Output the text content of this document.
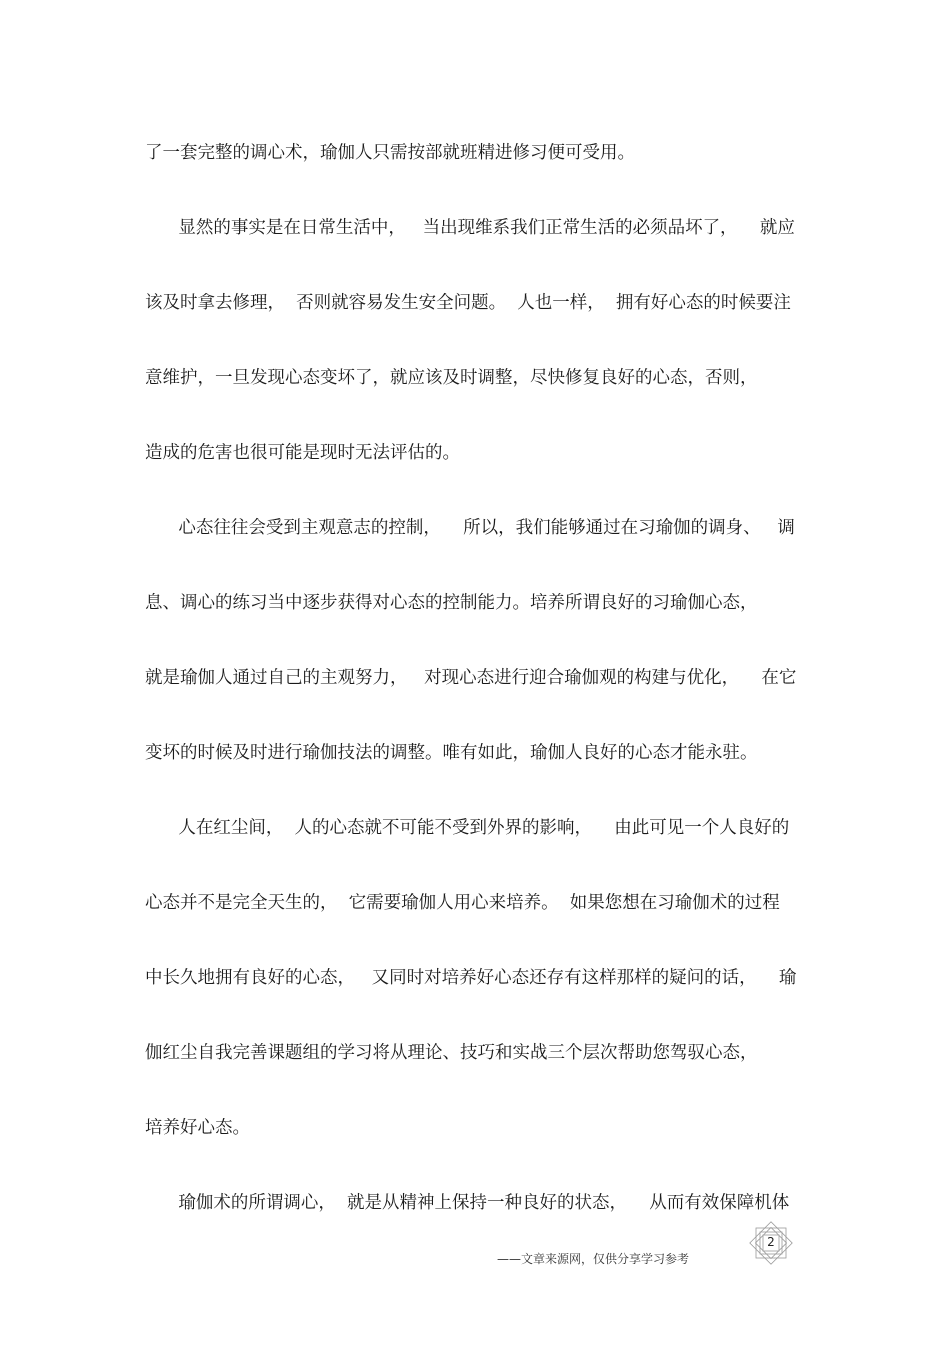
了一套完整的调心术，瑜伽人只需按部就班精进修习便可受用。
显然的事实是在日常生活中，   当出现维系我们正常生活的必须品坏了，    就应
该及时拿去修理，  否则就容易发生安全问题。  人也一样，  拥有好心态的时候要注
意维护，一旦发现心态变坏了，就应该及时调整，尽快修复良好的心态，否则，
造成的危害也很可能是现时无法评估的。
心态往往会受到主观意志的控制，    所以，我们能够通过在习瑜伽的调身、   调
息、调心的练习当中逐步获得对心态的控制能力。培养所谓良好的习瑜伽心态，
就是瑜伽人通过自己的主观努力，   对现心态进行迎合瑜伽观的构建与优化，    在它
变坏的时候及时进行瑜伽技法的调整。唯有如此，瑜伽人良好的心态才能永驻。
人在红尘间，  人的心态就不可能不受到外界的影响，    由此可见一个人良好的
心态并不是完全天生的，  它需要瑜伽人用心来培养。  如果您想在习瑜伽术的过程
中长久地拥有良好的心态，   又同时对培养好心态还存有这样那样的疑问的话，    瑜
伽红尘自我完善课题组的学习将从理论、技巧和实战三个层次帮助您驾驭心态，
培养好心态。
瑜伽术的所谓调心，  就是从精神上保持一种良好的状态，    从而有效保障机体
——文章来源网，仅供分享学习参考
2
